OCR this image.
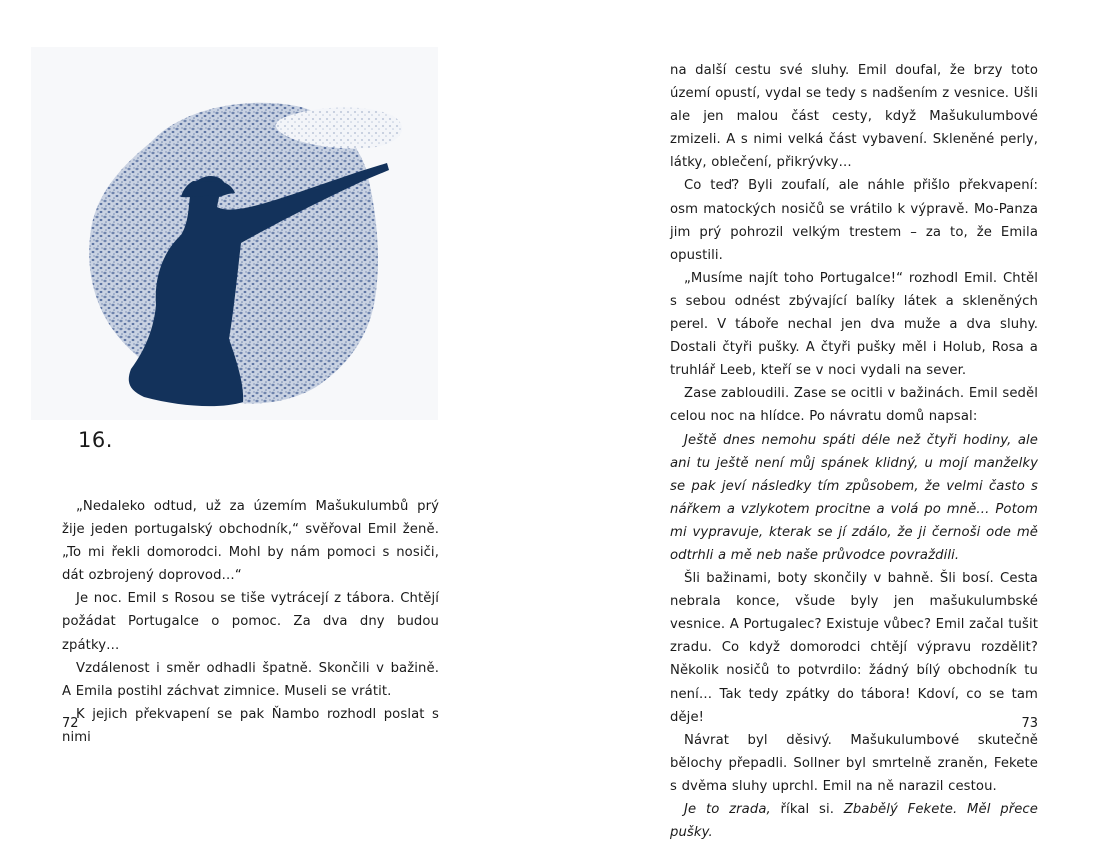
16.

„Nedaleko odtud, už za územím Mašukulumbů prý žije jeden portugalský obchodník,“ svěřoval Emil ženě. „To mi řekli domorodci. Mohl by nám pomoci s nosiči, dát ozbrojený doprovod…“

Je noc. Emil s Rosou se tiše vytrácejí z tábora. Chtějí požádat Portugalce o pomoc. Za dva dny budou zpátky…

Vzdálenost i směr odhadli špatně. Skončili v bažině. A Emila postihl záchvat zimnice. Museli se vrátit.

K jejich překvapení se pak Ňambo rozhodl poslat s nimi

72

na další cestu své sluhy. Emil doufal, že brzy toto území opustí, vydal se tedy s nadšením z vesnice. Ušli ale jen malou část cesty, když Mašukulumbové zmizeli. A s nimi velká část vybavení. Skleněné perly, látky, oblečení, přikrývky…

Co teď? Byli zoufalí, ale náhle přišlo překvapení: osm matockých nosičů se vrátilo k výpravě. Mo-Panza jim prý pohrozil velkým trestem – za to, že Emila opustili.

„Musíme najít toho Portugalce!“ rozhodl Emil. Chtěl s sebou odnést zbývající balíky látek a skleněných perel. V táboře nechal jen dva muže a dva sluhy. Dostali čtyři pušky. A čtyři pušky měl i Holub, Rosa a truhlář Leeb, kteří se v noci vydali na sever.

Zase zabloudili. Zase se ocitli v bažinách. Emil seděl celou noc na hlídce. Po návratu domů napsal:

Ještě dnes nemohu spáti déle než čtyři hodiny, ale ani tu ještě není můj spánek klidný, u mojí manželky se pak jeví následky tím způsobem, že velmi často s nářkem a vzlykotem procitne a volá po mně… Potom mi vypravuje, kterak se jí zdálo, že ji černoši ode mě odtrhli a mě neb naše průvodce povraždili.

Šli bažinami, boty skončily v bahně. Šli bosí. Cesta nebrala konce, všude byly jen mašukulumbské vesnice. A Portugalec? Existuje vůbec? Emil začal tušit zradu. Co když domorodci chtějí výpravu rozdělit? Několik nosičů to potvrdilo: žádný bílý obchodník tu není… Tak tedy zpátky do tábora! Kdoví, co se tam děje!

Návrat byl děsivý. Mašukulumbové skutečně bělochy přepadli. Sollner byl smrtelně zraněn, Fekete s dvěma sluhy uprchl. Emil na ně narazil cestou.

Je to zrada, říkal si. Zbabělý Fekete. Měl přece pušky.

73
